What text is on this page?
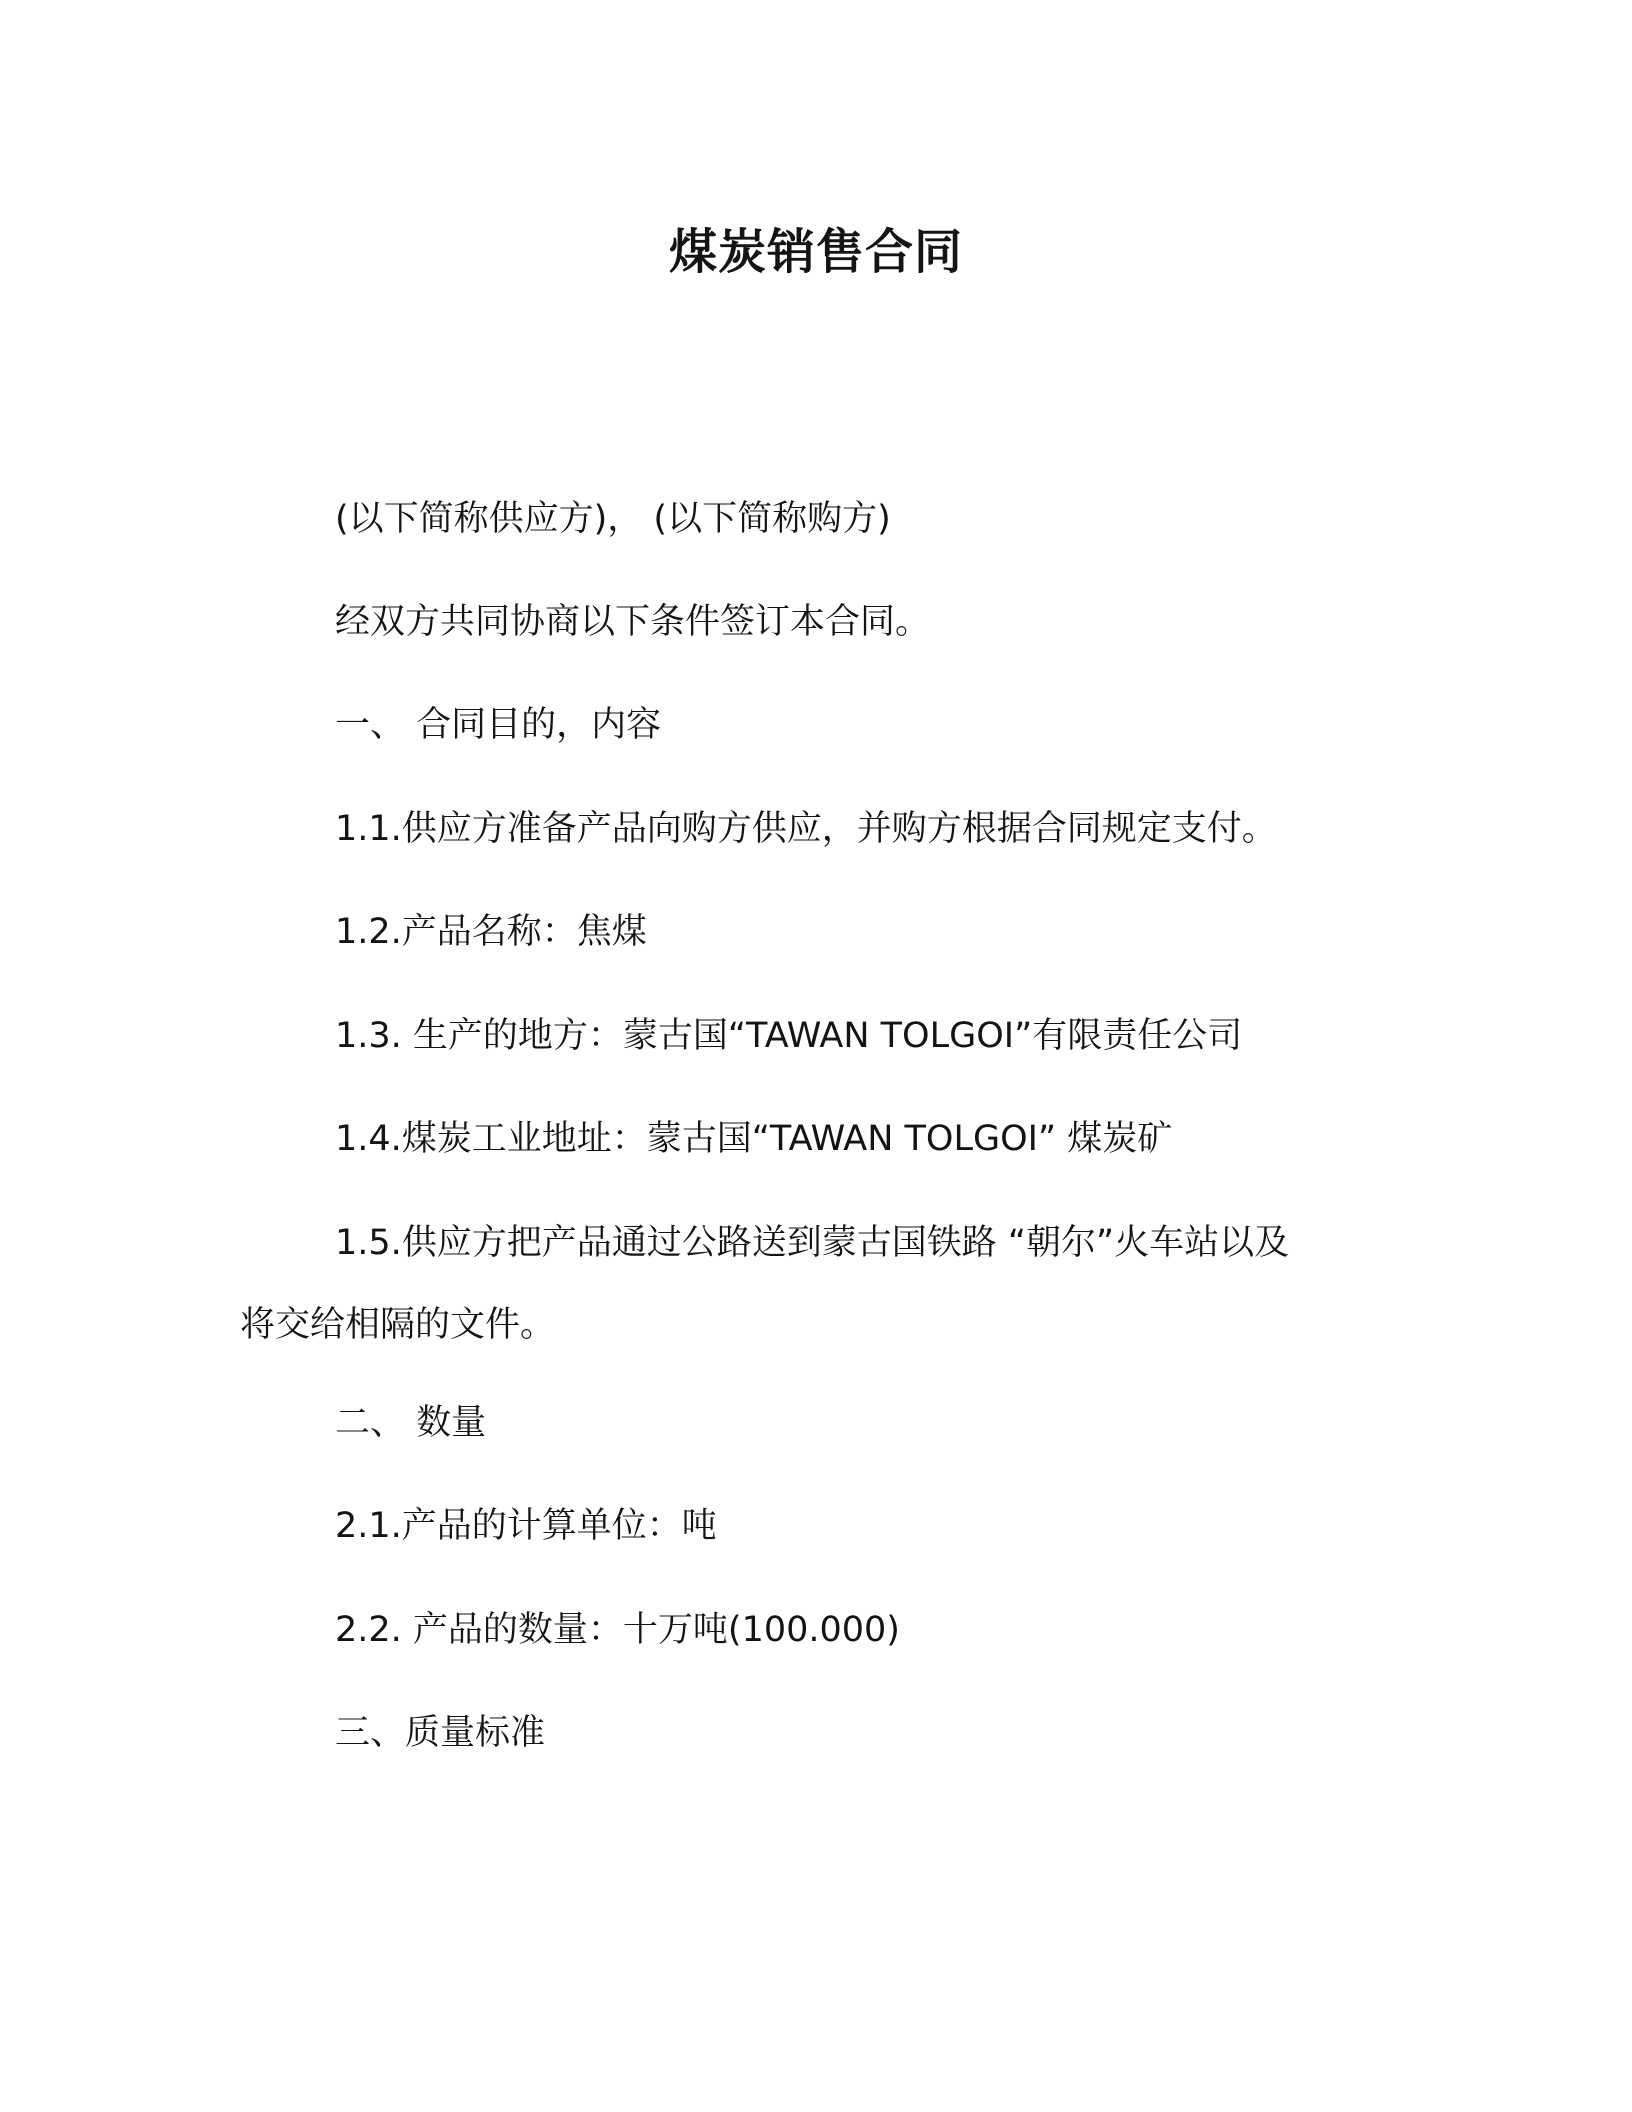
煤炭销售合同
(以下简称供应方)， (以下简称购方)
经双方共同协商以下条件签订本合同。
一、 合同目的，内容
1.1.供应方准备产品向购方供应，并购方根据合同规定支付。
1.2.产品名称：焦煤
1.3. 生产的地方：蒙古国“TAWAN TOLGOI”有限责任公司
1.4.煤炭工业地址：蒙古国“TAWAN TOLGOI” 煤炭矿
1.5.供应方把产品通过公路送到蒙古国铁路 “朝尔”火车站以及
将交给相隔的文件。
二、 数量
2.1.产品的计算单位：吨
2.2. 产品的数量：十万吨(100.000)
三、质量标准
